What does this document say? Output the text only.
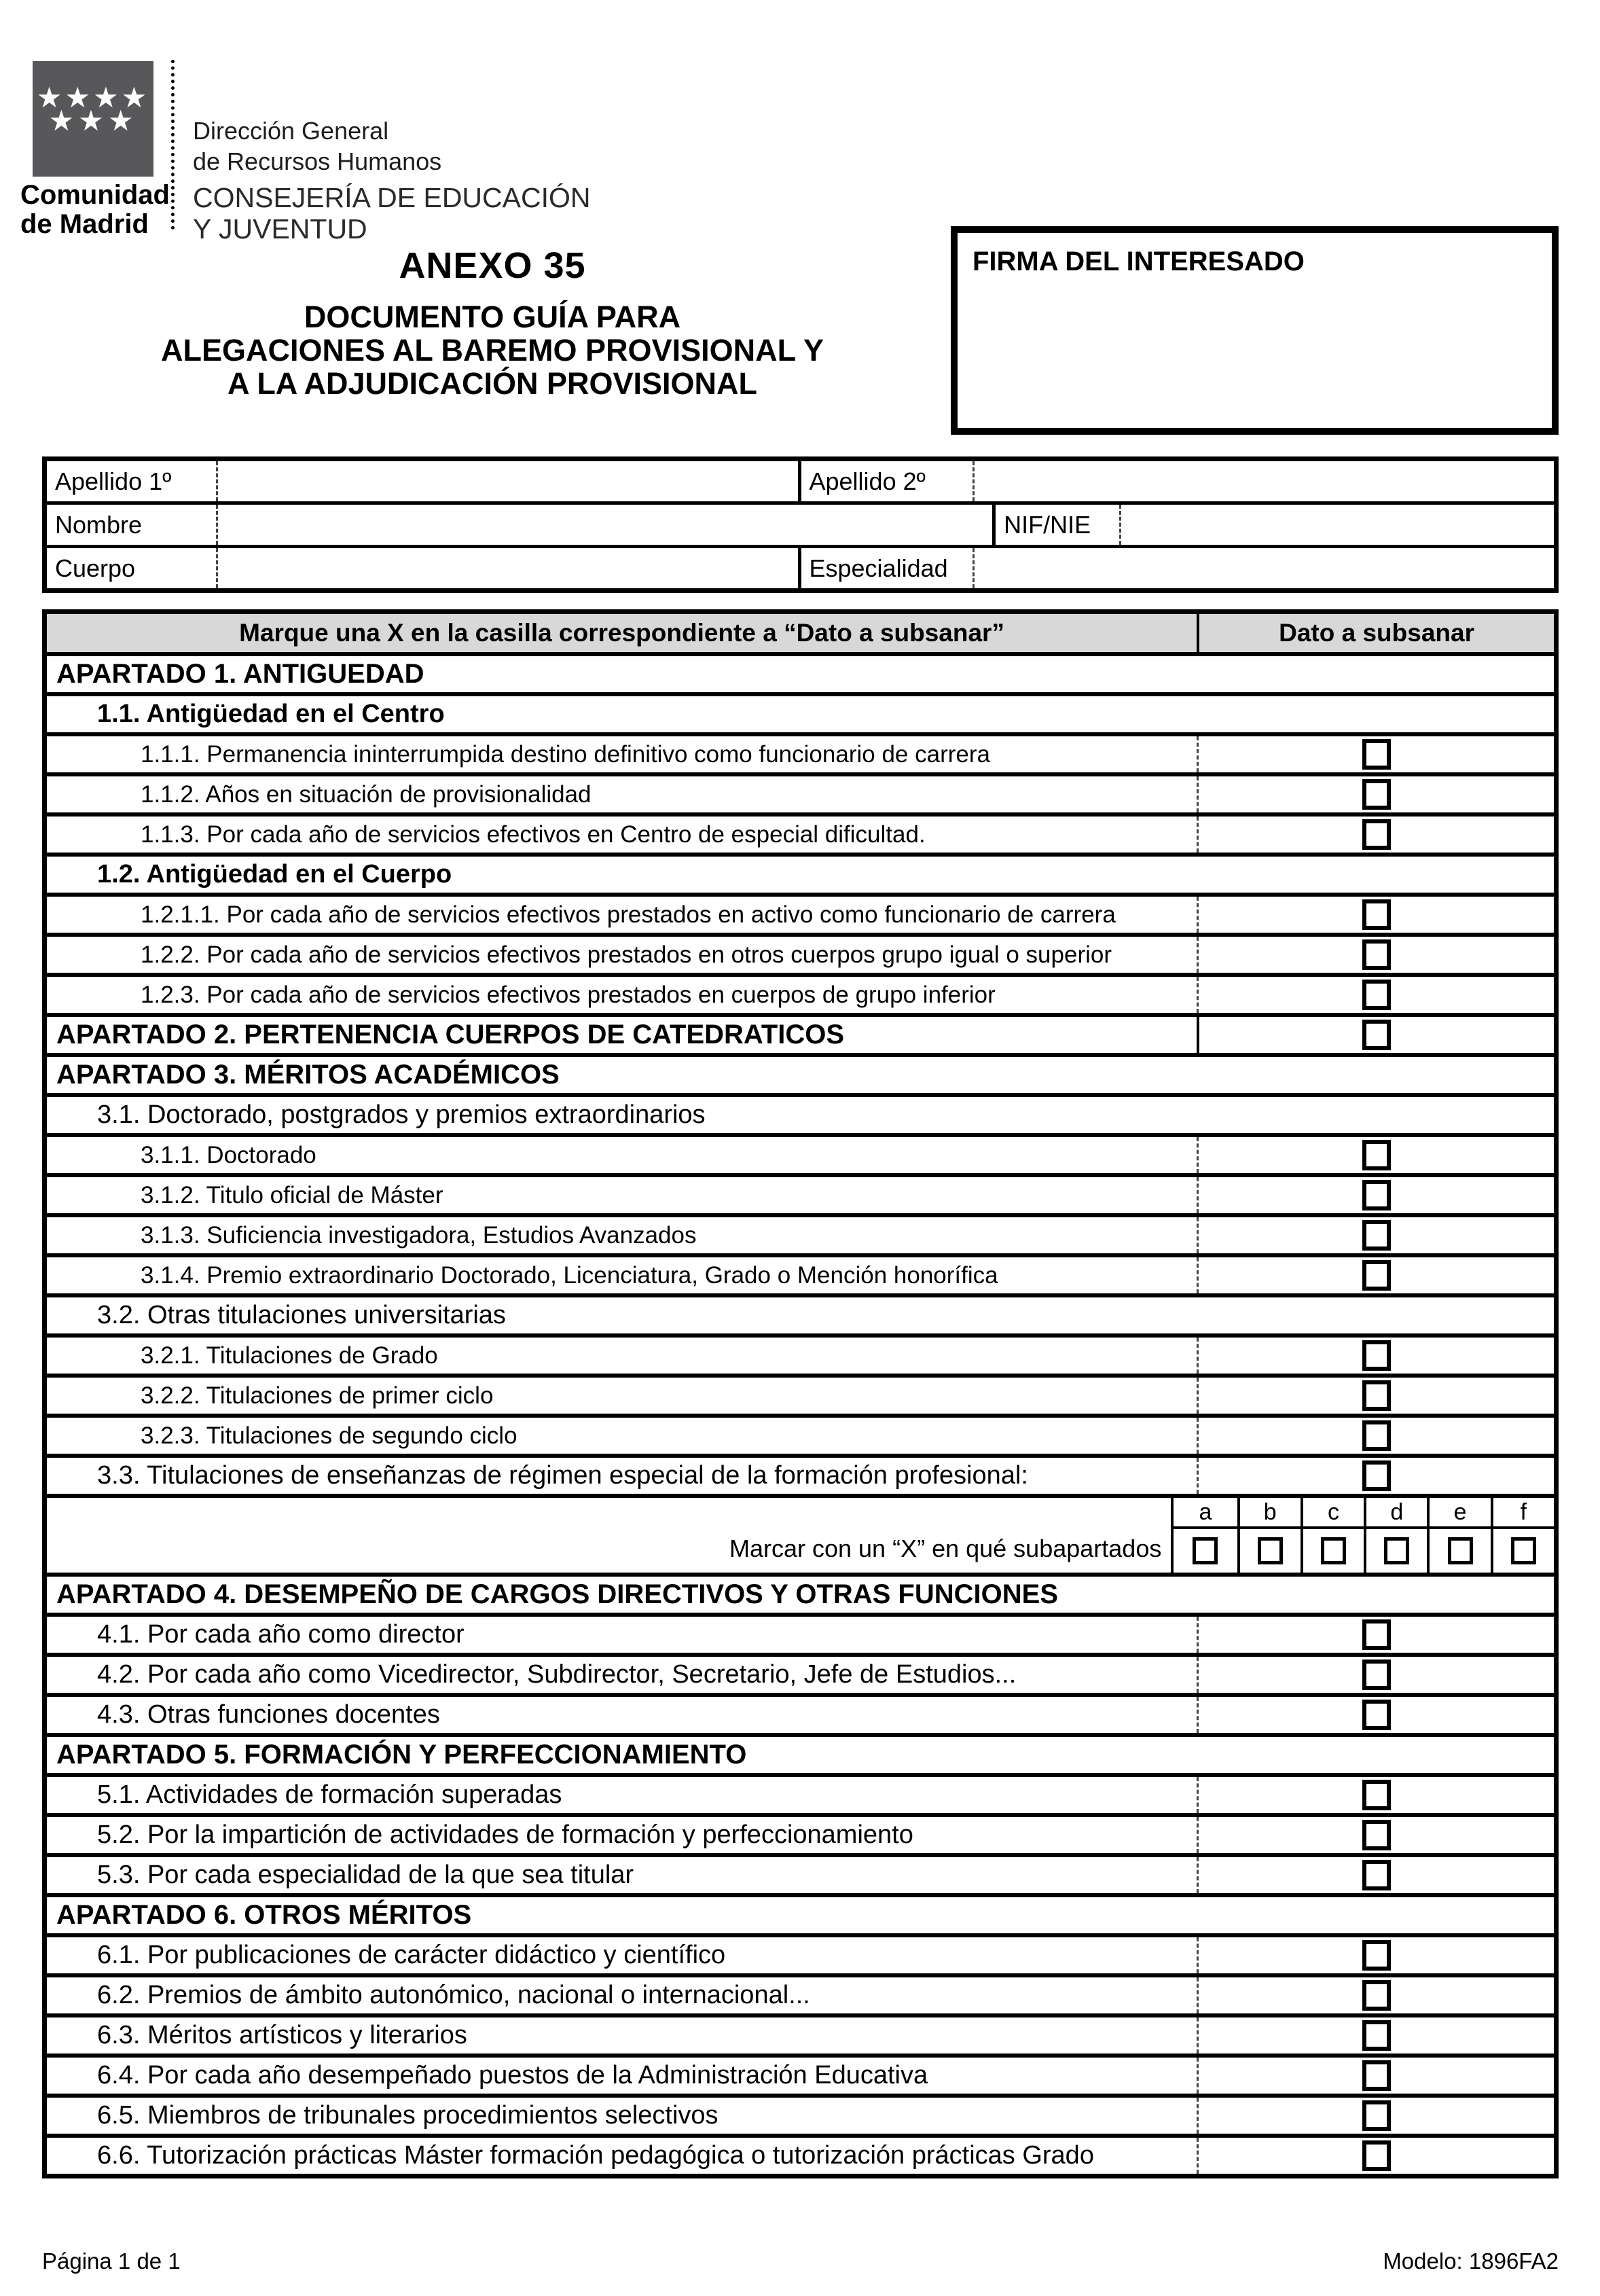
★★★★
★★★
Comunidad
de Madrid
Dirección General
de Recursos Humanos
CONSEJERÍA DE EDUCACIÓN
Y JUVENTUD
ANEXO 35
DOCUMENTO GUÍA PARA
ALEGACIONES AL BAREMO PROVISIONAL Y
A LA ADJUDICACIÓN PROVISIONAL
FIRMA DEL INTERESADO
Apellido 1º	Apellido 2º
Nombre	NIF/NIE
Cuerpo	Especialidad
Marque una X en la casilla correspondiente a “Dato a subsanar”	Dato a subsanar
APARTADO 1. ANTIGUEDAD
1.1. Antigüedad en el Centro
1.1.1. Permanencia ininterrumpida destino definitivo como funcionario de carrera
1.1.2. Años en situación de provisionalidad
1.1.3. Por cada año de servicios efectivos en Centro de especial dificultad.
1.2. Antigüedad en el Cuerpo
1.2.1.1. Por cada año de servicios efectivos prestados en activo como funcionario de carrera
1.2.2. Por cada año de servicios efectivos prestados en otros cuerpos grupo igual o superior
1.2.3. Por cada año de servicios efectivos prestados en cuerpos de grupo inferior
APARTADO 2. PERTENENCIA CUERPOS DE CATEDRATICOS
APARTADO 3. MÉRITOS ACADÉMICOS
3.1. Doctorado, postgrados y premios extraordinarios
3.1.1. Doctorado
3.1.2. Titulo oficial de Máster
3.1.3. Suficiencia investigadora, Estudios Avanzados
3.1.4. Premio extraordinario Doctorado, Licenciatura, Grado o Mención honorífica
3.2. Otras titulaciones universitarias
3.2.1. Titulaciones de Grado
3.2.2. Titulaciones de primer ciclo
3.2.3. Titulaciones de segundo ciclo
3.3. Titulaciones de enseñanzas de régimen especial de la formación profesional:
Marcar con un “X” en qué subapartados
a	b	c	d	e	f
APARTADO 4. DESEMPEÑO DE CARGOS DIRECTIVOS Y OTRAS FUNCIONES
4.1. Por cada año como director
4.2. Por cada año como Vicedirector, Subdirector, Secretario, Jefe de Estudios...
4.3. Otras funciones docentes
APARTADO 5. FORMACIÓN Y PERFECCIONAMIENTO
5.1. Actividades de formación superadas
5.2. Por la impartición de actividades de formación y perfeccionamiento
5.3. Por cada especialidad de la que sea titular
APARTADO 6. OTROS MÉRITOS
6.1. Por publicaciones de carácter didáctico y científico
6.2. Premios de ámbito autonómico, nacional o internacional...
6.3. Méritos artísticos y literarios
6.4. Por cada año desempeñado puestos de la Administración Educativa
6.5. Miembros de tribunales procedimientos selectivos
6.6. Tutorización prácticas Máster formación pedagógica o tutorización prácticas Grado
Página 1 de 1	Modelo: 1896FA2
